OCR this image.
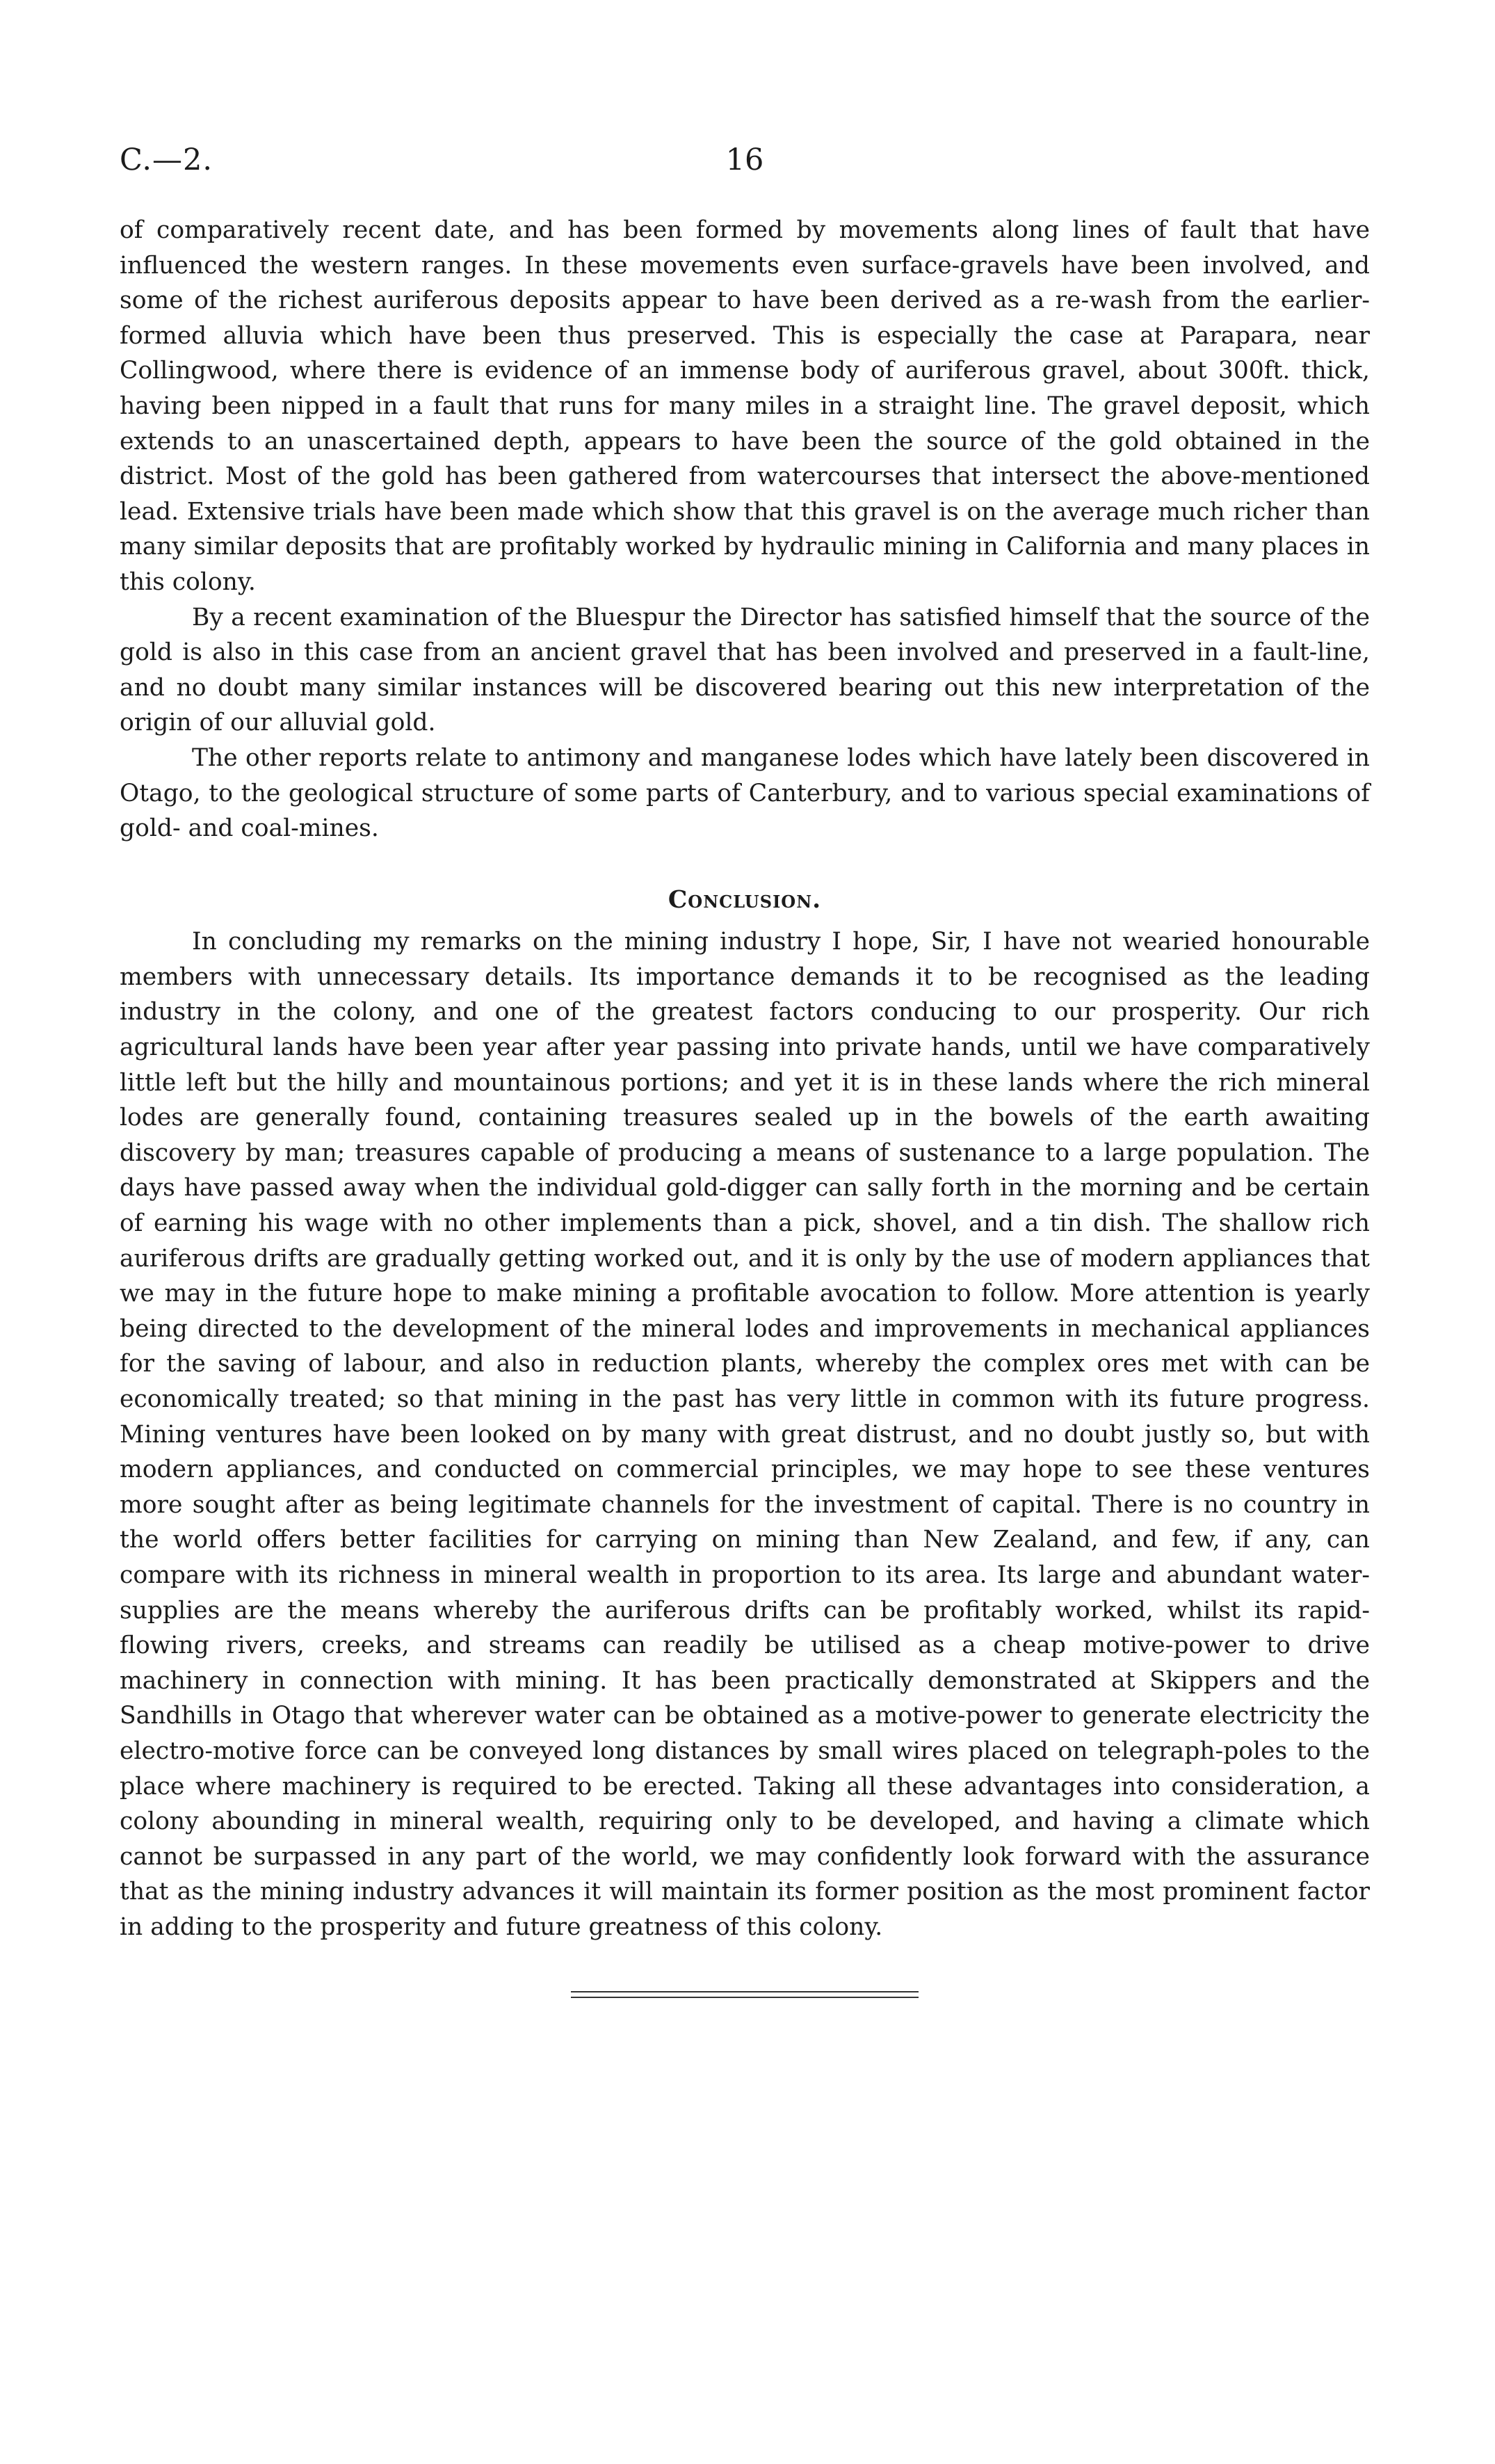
C.—2.	16

of comparatively recent date, and has been formed by movements along lines of fault that have influenced the western ranges. In these movements even surface-gravels have been involved, and some of the richest auriferous deposits appear to have been derived as a re-wash from the earlier-formed alluvia which have been thus preserved. This is especially the case at Parapara, near Collingwood, where there is evidence of an immense body of auriferous gravel, about 300ft. thick, having been nipped in a fault that runs for many miles in a straight line. The gravel deposit, which extends to an unascertained depth, appears to have been the source of the gold obtained in the district. Most of the gold has been gathered from watercourses that intersect the above-mentioned lead. Extensive trials have been made which show that this gravel is on the average much richer than many similar deposits that are profitably worked by hydraulic mining in California and many places in this colony.

By a recent examination of the Bluespur the Director has satisfied himself that the source of the gold is also in this case from an ancient gravel that has been involved and preserved in a fault-line, and no doubt many similar instances will be discovered bearing out this new interpretation of the origin of our alluvial gold.

The other reports relate to antimony and manganese lodes which have lately been discovered in Otago, to the geological structure of some parts of Canterbury, and to various special examinations of gold- and coal-mines.

Conclusion.

In concluding my remarks on the mining industry I hope, Sir, I have not wearied honourable members with unnecessary details. Its importance demands it to be recognised as the leading industry in the colony, and one of the greatest factors conducing to our prosperity. Our rich agricultural lands have been year after year passing into private hands, until we have comparatively little left but the hilly and mountainous portions; and yet it is in these lands where the rich mineral lodes are generally found, containing treasures sealed up in the bowels of the earth awaiting discovery by man; treasures capable of producing a means of sustenance to a large population. The days have passed away when the individual gold-digger can sally forth in the morning and be certain of earning his wage with no other implements than a pick, shovel, and a tin dish. The shallow rich auriferous drifts are gradually getting worked out, and it is only by the use of modern appliances that we may in the future hope to make mining a profitable avocation to follow. More attention is yearly being directed to the development of the mineral lodes and improvements in mechanical appliances for the saving of labour, and also in reduction plants, whereby the complex ores met with can be economically treated; so that mining in the past has very little in common with its future progress. Mining ventures have been looked on by many with great distrust, and no doubt justly so, but with modern appliances, and conducted on commercial principles, we may hope to see these ventures more sought after as being legitimate channels for the investment of capital. There is no country in the world offers better facilities for carrying on mining than New Zealand, and few, if any, can compare with its richness in mineral wealth in proportion to its area. Its large and abundant water-supplies are the means whereby the auriferous drifts can be profitably worked, whilst its rapid-flowing rivers, creeks, and streams can readily be utilised as a cheap motive-power to drive machinery in connection with mining. It has been practically demonstrated at Skippers and the Sandhills in Otago that wherever water can be obtained as a motive-power to generate electricity the electro-motive force can be conveyed long distances by small wires placed on telegraph-poles to the place where machinery is required to be erected. Taking all these advantages into consideration, a colony abounding in mineral wealth, requiring only to be developed, and having a climate which cannot be surpassed in any part of the world, we may confidently look forward with the assurance that as the mining industry advances it will maintain its former position as the most prominent factor in adding to the prosperity and future greatness of this colony.
